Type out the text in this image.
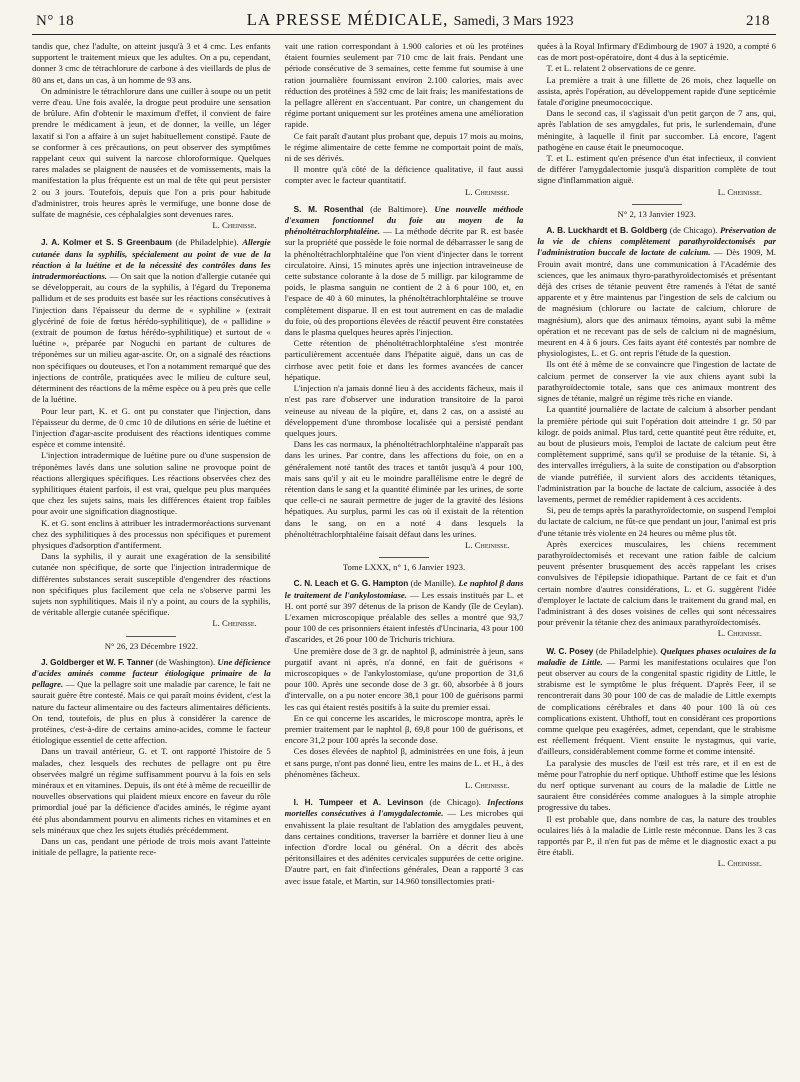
N° 18	LA PRESSE MÉDICALE, Samedi, 3 Mars 1923	218

tandis que, chez l'adulte, on atteint jusqu'à 3 et 4 cmc. Les enfants supportent le traitement mieux que les adultes. On a pu, cependant, donner 3 cmc de tétrachlorure de carbone à des vieillards de plus de 80 ans et, dans un cas, à un homme de 93 ans.

On administre le tétrachlorure dans une cuiller à soupe ou un petit verre d'eau. Une fois avalée, la drogue peut produire une sensation de brûlure. Afin d'obtenir le maximum d'effet, il convient de faire prendre le médicament à jeun, et de donner, la veille, un léger laxatif si l'on a affaire à un sujet habituellement constipé. Faute de se conformer à ces précautions, on peut observer des symptômes rappelant ceux qui suivent la narcose chloroformique. Quelques rares malades se plaignent de nausées et de vomissements, mais la manifestation la plus fréquente est un mal de tête qui peut persister 2 ou 3 jours. Toutefois, depuis que l'on a pris pour habitude d'administrer, trois heures après le vermifuge, une bonne dose de sulfate de magnésie, ces céphalalgies sont devenues rares.

L. Cheinisse.

J. A. Kolmer et S. S Greenbaum (de Philadelphie). Allergie cutanée dans la syphilis, spécialement au point de vue de la réaction à la luétine et de la nécessité des contrôles dans les intradermoréactions. — On sait que la notion d'allergie cutanée qui se développerait, au cours de la syphilis, à l'égard du Treponema pallidum et de ses produits est basée sur les réactions consécutives à l'injection dans l'épaisseur du derme de « syphiline » (extrait glycériné de foie de fœtus hérédo-syphilitique), de « pallidine » (extrait de poumon de fœtus hérédo-syphilitique) et surtout de « luétine », préparée par Noguchi en partant de cultures de tréponèmes sur un milieu agar-ascite. Or, on a signalé des réactions non spécifiques ou douteuses, et l'on a notamment remarqué que des injections de contrôle, pratiquées avec le milieu de culture seul, déterminent des réactions de la même espèce ou à peu près que celle de la luétine.

Pour leur part, K. et G. ont pu constater que l'injection, dans l'épaisseur du derme, de 0 cmc 10 de dilutions en série de luétine et l'injection d'agar-ascite produisent des réactions identiques comme espèce et comme intensité.

L'injection intradermique de luétine pure ou d'une suspension de tréponèmes lavés dans une solution saline ne provoque point de réactions allergiques spécifiques. Les réactions observées chez des syphilitiques étaient parfois, il est vrai, quelque peu plus marquées que chez les sujets sains, mais les différences étaient trop faibles pour avoir une signification diagnostique.

K. et G. sont enclins à attribuer les intradermoréactions survenant chez des syphilitiques à des processus non spécifiques et purement physiques d'adsorption d'antiferment.

Dans la syphilis, il y aurait une exagération de la sensibilité cutanée non spécifique, de sorte que l'injection intradermique de différentes substances serait susceptible d'engendrer des réactions non spécifiques plus facilement que cela ne s'observe parmi les sujets non syphilitiques. Mais il n'y a point, au cours de la syphilis, de véritable allergie cutanée spécifique.

L. Cheinisse.
N° 26, 23 Décembre 1922.

J. Goldberger et W. F. Tanner (de Washington). Une déficience d'acides aminés comme facteur étiologique primaire de la pellagre. — Que la pellagre soit une maladie par carence, le fait ne saurait guère être contesté. Mais ce qui paraît moins évident, c'est la nature du facteur alimentaire ou des facteurs alimentaires déficients. On tend, toutefois, de plus en plus à considérer la carence de protéines, c'est-à-dire de certains amino-acides, comme le facteur étiologique essentiel de cette affection.

Dans un travail antérieur, G. et T. ont rapporté l'histoire de 5 malades, chez lesquels des rechutes de pellagre ont pu être observées malgré un régime suffisamment pourvu à la fois en sels minéraux et en vitamines. Depuis, ils ont été à même de recueillir de nouvelles observations qui plaident mieux encore en faveur du rôle primordial joué par la déficience d'acides aminés, le régime ayant été plus abondamment pourvu en aliments riches en vitamines et en sels minéraux que chez les sujets étudiés précédemment.

Dans un cas, pendant une période de trois mois avant l'atteinte initiale de pellagre, la patiente rece-

vait une ration correspondant à 1.900 calories et où les protéines étaient fournies seulement par 710 cmc de lait frais. Pendant une période consécutive de 3 semaines, cette femme fut soumise à une ration journalière fournissant environ 2.100 calories, mais avec réduction des protéines à 592 cmc de lait frais; les manifestations de la pellagre allèrent en s'accentuant. Par contre, un changement du régime portant uniquement sur les protéines amena une amélioration rapide.

Ce fait paraît d'autant plus probant que, depuis 17 mois au moins, le régime alimentaire de cette femme ne comportait point de maïs, ni de ses dérivés.

Il montre qu'à côté de la déficience qualitative, il faut aussi compter avec le facteur quantitatif.

L. Cheinisse.

S. M. Rosenthal (de Baltimore). Une nouvelle méthode d'examen fonctionnel du foie au moyen de la phénoltétrachlorphtaléine. — La méthode décrite par R. est basée sur la propriété que possède le foie normal de débarrasser le sang de la phénoltétrachlorphtaléine que l'on vient d'injecter dans le torrent circulatoire. Ainsi, 15 minutes après une injection intraveineuse de cette substance colorante à la dose de 5 milligr. par kilogramme de poids, le plasma sanguin ne contient de 2 à 6 pour 100, et, en l'espace de 40 à 60 minutes, la phénoltétrachlorphtaléine se trouve complètement disparue. Il en est tout autrement en cas de maladie du foie, où des proportions élevées de réactif peuvent être constatées dans le plasma quelques heures après l'injection.

Cette rétention de phénoltétrachlorphtaléine s'est montrée particulièrement accentuée dans l'hépatite aiguë, dans un cas de cirrhose avec petit foie et dans les formes avancées de cancer hépatique.

L'injection n'a jamais donné lieu à des accidents fâcheux, mais il n'est pas rare d'observer une induration transitoire de la paroi veineuse au niveau de la piqûre, et, dans 2 cas, on a assisté au développement d'une thrombose localisée qui a persisté pendant quelques jours.

Dans les cas normaux, la phénoltétrachlorphtaléine n'apparaît pas dans les urines. Par contre, dans les affections du foie, on en a généralement noté tantôt des traces et tantôt jusqu'à 4 pour 100, mais sans qu'il y ait eu le moindre parallélisme entre le degré de rétention dans le sang et la quantité éliminée par les urines, de sorte que celle-ci ne saurait permettre de juger de la gravité des lésions hépatiques. Au surplus, parmi les cas où il existait de la rétention dans le sang, on en a noté 4 dans lesquels la phénoltétrachlorphtaléine faisait défaut dans les urines.

L. Cheinisse.
Tome LXXX, n° 1, 6 Janvier 1923.

C. N. Leach et G. G. Hampton (de Manille). Le naphtol β dans le traitement de l'ankylostomiase. — Les essais institués par L. et H. ont porté sur 397 détenus de la prison de Kandy (île de Ceylan). L'examen microscopique préalable des selles a montré que 93,7 pour 100 de ces prisonniers étaient infestés d'Uncinaria, 43 pour 100 d'ascarides, et 26 pour 100 de Trichuris trichiura.

Une première dose de 3 gr. de naphtol β, administrée à jeun, sans purgatif avant ni après, n'a donné, en fait de guérisons « microscopiques » de l'ankylostomiase, qu'une proportion de 31,6 pour 100. Après une seconde dose de 3 gr. 60, absorbée à 8 jours d'intervalle, on a pu noter encore 38,1 pour 100 de guérisons parmi les cas qui étaient restés positifs à la suite du premier essai.

En ce qui concerne les ascarides, le microscope montra, après le premier traitement par le naphtol β, 69,8 pour 100 de guérisons, et encore 31,2 pour 100 après la seconde dose.

Ces doses élevées de naphtol β, administrées en une fois, à jeun et sans purge, n'ont pas donné lieu, entre les mains de L. et H., à des phénomènes fâcheux.

L. Cheinisse.

I. H. Tumpeer et A. Levinson (de Chicago). Infections mortelles consécutives à l'amygdalectomie. — Les microbes qui envahissent la plaie resultant de l'ablation des amygdales peuvent, dans certaines conditions, traverser la barrière et donner lieu à une infection d'ordre local ou général. On a décrit des abcès péritonsillaires et des adénites cervicales suppurées de cette origine. D'autre part, en fait d'infections générales, Dean a rapporté 3 cas avec issue fatale, et Martin, sur 14.960 tonsillectomies prati-

quées à la Royal Infirmary d'Edimbourg de 1907 à 1920, a compté 6 cas de mort post-opératoire, dont 4 dus à la septicémie.

T. et L. relatent 2 observations de ce genre.

La première a trait à une fillette de 26 mois, chez laquelle on assista, après l'opération, au développement rapide d'une septicémie fatale d'origine pneumococcique.

Dans le second cas, il s'agissait d'un petit garçon de 7 ans, qui, après l'ablation de ses amygdales, fut pris, le surlendemain, d'une méningite, à laquelle il finit par succomber. Là encore, l'agent pathogène en cause était le pneumocoque.

T. et L. estiment qu'en présence d'un état infectieux, il convient de différer l'amygdalectomie jusqu'à disparition complète de tout signe d'inflammation aiguë.

L. Cheinisse.
N° 2, 13 Janvier 1923.

A. B. Luckhardt et B. Goldberg (de Chicago). Préservation de la vie de chiens complètement parathyroïdectomisés par l'administration buccale de lactate de calcium. — Dès 1909, M. Frouin avait montré, dans une communication à l'Académie des sciences, que les animaux thyro-parathyroïdectomisés et présentant déjà des crises de tétanie peuvent être ramenés à l'état de santé apparente et y être maintenus par l'ingestion de sels de calcium ou de magnésium (chlorure ou lactate de calcium, chlorure de magnésium), alors que des animaux témoins, ayant subi la même opération et ne recevant pas de sels de calcium ni de magnésium, meurent en 4 à 6 jours. Ces faits ayant été contestés par nombre de physiologistes, L. et G. ont repris l'étude de la question.

Ils ont été à même de se convaincre que l'ingestion de lactate de calcium permet de conserver la vie aux chiens ayant subi la parathyroïdectomie totale, sans que ces animaux montrent des signes de tétanie, malgré un régime très riche en viande.

La quantité journalière de lactate de calcium à absorber pendant la première période qui suit l'opération doit atteindre 1 gr. 50 par kilogr. de poids animal. Plus tard, cette quantité peut être réduite, et, au bout de plusieurs mois, l'emploi de lactate de calcium peut être complètement supprimé, sans qu'il se produise de la tétanie. Si, à des intervalles irréguliers, à la suite de constipation ou d'absorption de viande putréfiée, il survient alors des accidents tétaniques, l'administration par la bouche de lactate de calcium, associée à des lavements, permet de remédier rapidement à ces accidents.

Si, peu de temps après la parathyroïdectomie, on suspend l'emploi du lactate de calcium, ne fût-ce que pendant un jour, l'animal est pris d'une tétanie très violente en 24 heures ou même plus tôt.

Après exercices musculaires, les chiens recemment parathyroïdectomisés et recevant une ration faible de calcium peuvent présenter brusquement des accès rappelant les crises convulsives de l'épilepsie idiopathique. Partant de ce fait et d'un certain nombre d'autres considérations, L. et G. suggèrent l'idée d'employer le lactate de calcium dans le traitement du grand mal, en l'administrant à des doses voisines de celles qui sont nécessaires pour prévenir la tétanie chez des animaux parathyroïdectomisés.

L. Cheinisse.

W. C. Posey (de Philadelphie). Quelques phases oculaires de la maladie de Little. — Parmi les manifestations oculaires que l'on peut observer au cours de la congenital spastic rigidity de Little, le strabisme est le symptôme le plus fréquent. D'après Feer, il se rencontrerait dans 30 pour 100 de cas de maladie de Little exempts de complications cérébrales et dans 40 pour 100 là où ces complications existent. Uhthoff, tout en considérant ces proportions comme quelque peu exagérées, admet, cependant, que le strabisme est réellement fréquent. Vient ensuite le nystagmus, qui varie, d'ailleurs, considérablement comme forme et comme intensité.

La paralysie des muscles de l'œil est très rare, et il en est de même pour l'atrophie du nerf optique. Uhthoff estime que les lésions du nerf optique survenant au cours de la maladie de Little ne sauraient être considérées comme analogues à la simple atrophie progressive du tabes.

Il est probable que, dans nombre de cas, la nature des troubles oculaires liés à la maladie de Little reste méconnue. Dans les 3 cas rapportés par P., il n'en fut pas de même et le diagnostic exact a pu être établi.

L. Cheinisse.
